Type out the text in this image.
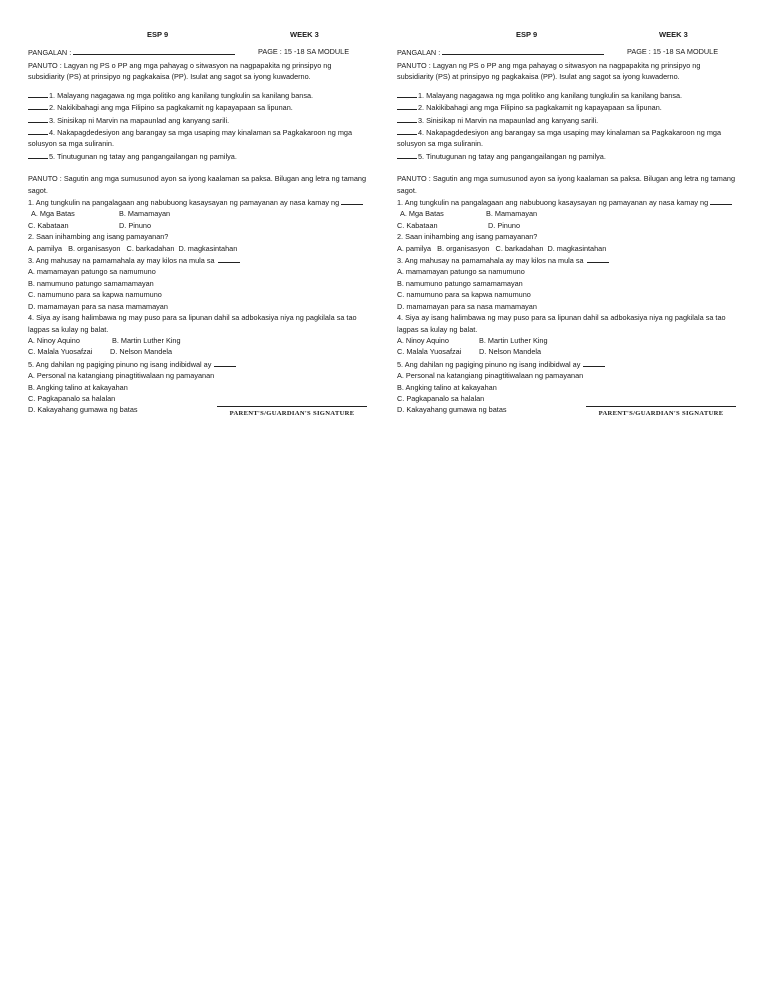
ESP 9	WEEK 3
PANGALAN :	PAGE : 15 -18 SA MODULE

PANUTO : Lagyan ng PS o PP ang mga pahayag o sitwasyon na nagpapakita ng prinsipyo ng subsidiarity (PS) at prinsipyo ng pagkakaisa (PP). Isulat ang sagot sa iyong kuwaderno.

1. Malayang nagagawa ng mga politiko ang kanilang tungkulin sa kanilang bansa.
2. Nakikibahagi ang mga Filipino sa pagkakamit ng kapayapaan sa lipunan.
3. Sinisikap ni Marvin na mapaunlad ang kanyang sarili.
4. Nakapagdedesiyon ang barangay sa mga usaping may kinalaman sa Pagkakaroon ng mga solusyon sa mga suliranin.
5. Tinutugunan ng tatay ang pangangailangan ng pamilya.

PANUTO : Sagutin ang mga sumusunod ayon sa iyong kaalaman sa paksa. Bilugan ang letra ng tamang sagot.

1. Ang tungkulin na pangalagaan ang nabubuong kasaysayan ng pamayanan ay nasa kamay ng
A. Mga Batas	B. Mamamayan
C. Kabataan	D. Pinuno
2. Saan inihambing ang isang pamayanan?
A. pamilya   B. organisasyon   C. barkadahan  D. magkasintahan
3. Ang mahusay na pamamahala ay may kilos na mula sa
A. mamamayan patungo sa namumuno
B. namumuno patungo samamamayan
C. namumuno para sa kapwa namumuno
D. mamamayan para sa nasa mamamayan
4. Siya ay isang halimbawa ng may puso para sa lipunan dahil sa adbokasiya niya ng pagkilala sa tao lagpas sa kulay ng balat.
A. Ninoy Aquino	B. Martin Luther King
C. Malala Yuosafzai D. Nelson Mandela
5. Ang dahilan ng pagiging pinuno ng isang indibidwal ay
A. Personal na katangiang pinagtitiwalaan ng pamayanan
B. Angking talino at kakayahan
C. Pagkapanalo sa halalan
D. Kakayahang gumawa ng batas	PARENT'S/GUARDIAN'S SIGNATURE
ESP 9	WEEK 3
PANGALAN :	PAGE : 15 -18 SA MODULE

PANUTO : Lagyan ng PS o PP ang mga pahayag o sitwasyon na nagpapakita ng prinsipyo ng subsidiarity (PS) at prinsipyo ng pagkakaisa (PP). Isulat ang sagot sa iyong kuwaderno.

1. Malayang nagagawa ng mga politiko ang kanilang tungkulin sa kanilang bansa.
2. Nakikibahagi ang mga Filipino sa pagkakamit ng kapayapaan sa lipunan.
3. Sinisikap ni Marvin na mapaunlad ang kanyang sarili.
4. Nakapagdedesiyon ang barangay sa mga usaping may kinalaman sa Pagkakaroon ng mga solusyon sa mga suliranin.
5. Tinutugunan ng tatay ang pangangailangan ng pamilya.

PANUTO : Sagutin ang mga sumusunod ayon sa iyong kaalaman sa paksa. Bilugan ang letra ng tamang sagot.

1. Ang tungkulin na pangalagaan ang nabubuong kasaysayan ng pamayanan ay nasa kamay ng
A. Mga Batas	B. Mamamayan
C. Kabataan	D. Pinuno
2. Saan inihambing ang isang pamayanan?
A. pamilya   B. organisasyon   C. barkadahan  D. magkasintahan
3. Ang mahusay na pamamahala ay may kilos na mula sa
A. mamamayan patungo sa namumuno
B. namumuno patungo samamamayan
C. namumuno para sa kapwa namumuno
D. mamamayan para sa nasa mamamayan
4. Siya ay isang halimbawa ng may puso para sa lipunan dahil sa adbokasiya niya ng pagkilala sa tao lagpas sa kulay ng balat.
A. Ninoy Aquino	B. Martin Luther King
C. Malala Yuosafzai D. Nelson Mandela
5. Ang dahilan ng pagiging pinuno ng isang indibidwal ay
A. Personal na katangiang pinagtitiwalaan ng pamayanan
B. Angking talino at kakayahan
C. Pagkapanalo sa halalan
D. Kakayahang gumawa ng batas	PARENT'S/GUARDIAN'S SIGNATURE
